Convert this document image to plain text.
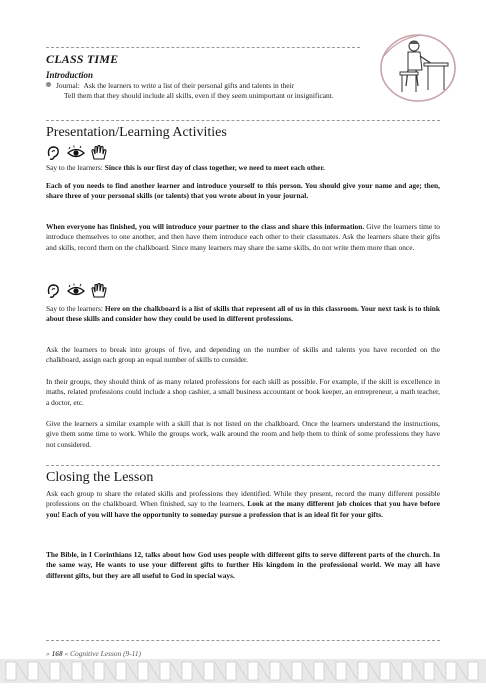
CLASS TIME
Introduction
Journal: Ask the learners to write a list of their personal gifts and talents in their
Tell them that they should include all skills, even if they seem unimportant or insignificant.
Presentation/Learning Activities

Say to the learners: Since this is our first day of class together, we need to meet each other.

Each of you needs to find another learner and introduce yourself to this person. You should give your name and age; then, share three of your personal skills (or talents) that you wrote about in your journal.

When everyone has finished, you will introduce your partner to the class and share this information. Give the learners time to introduce themselves to one another, and then have them introduce each other to their classmates. Ask the learners share their gifts and skills, record them on the chalkboard. Since many learners may share the same skills, do not write them more than once.

Say to the learners: Here on the chalkboard is a list of skills that represent all of us in this classroom. Your next task is to think about these skills and consider how they could be used in different professions.

Ask the learners to break into groups of five, and depending on the number of skills and talents you have recorded on the chalkboard, assign each group an equal number of skills to consider.

In their groups, they should think of as many related professions for each skill as possible. For example, if the skill is excellence in maths, related professions could include a shop cashier, a small business accountant or book keeper, an entrepreneur, a math teacher, a doctor, etc.

Give the learners a similar example with a skill that is not listed on the chalkboard. Once the learners understand the instructions, give them some time to work. While the groups work, walk around the room and help them to think of some professions they have not considered.

Closing the Lesson

Ask each group to share the related skills and professions they identified. While they present, record the many different possible professions on the chalkboard. When finished, say to the learners, Look at the many different job choices that you have before you! Each of you will have the opportunity to someday pursue a profession that is an ideal fit for your gifts.

The Bible, in I Corinthians 12, talks about how God uses people with different gifts to serve different parts of the church. In the same way, He wants to use your different gifts to further His kingdom in the professional world. We may all have different gifts, but they are all useful to God in special ways.

» 168 « Cognitive Lesson (9-11)
